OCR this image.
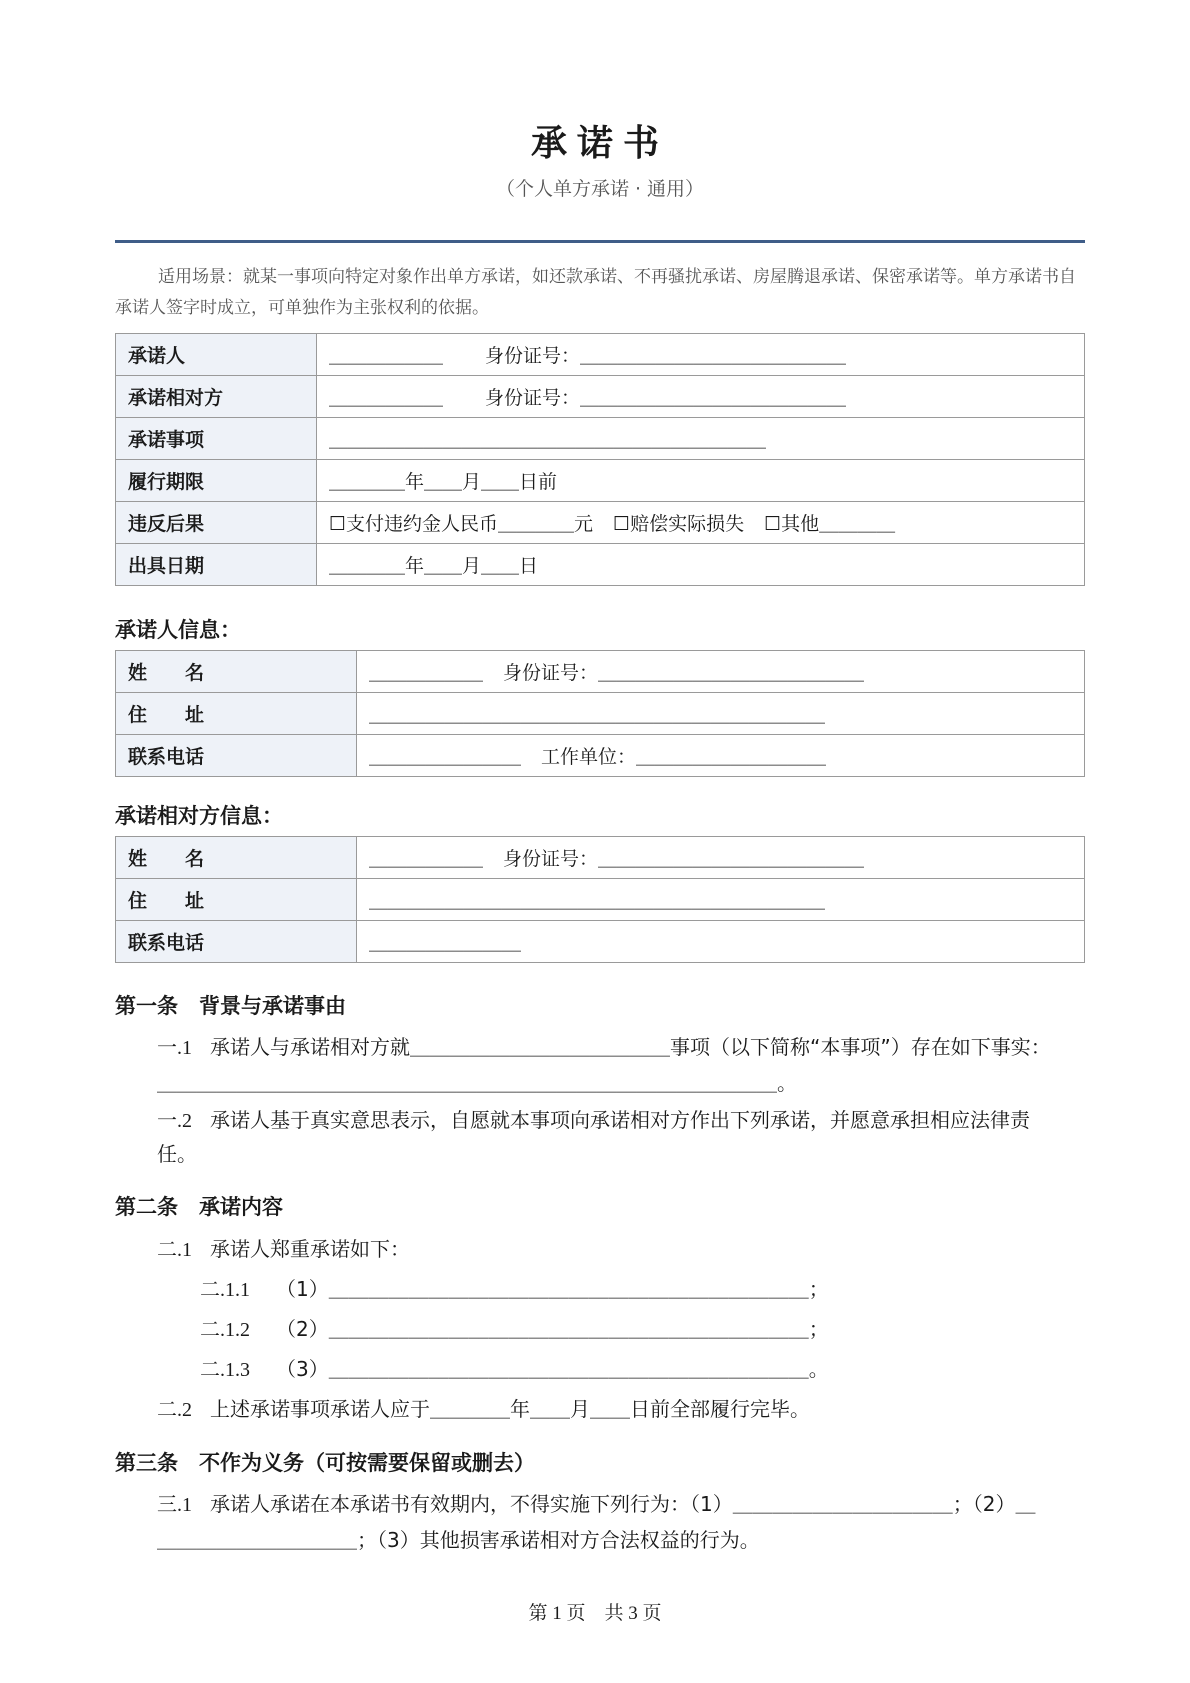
承诺书
（个人单方承诺 · 通用）
适用场景：就某一事项向特定对象作出单方承诺，如还款承诺、不再骚扰承诺、房屋腾退承诺、保密承诺等。单方承诺书自承诺人签字时成立，可单独作为主张权利的依据。
承诺人	＿＿＿＿＿＿ 身份证号：＿＿＿＿＿＿＿＿＿＿＿＿＿＿
承诺相对方	＿＿＿＿＿＿ 身份证号：＿＿＿＿＿＿＿＿＿＿＿＿＿＿
承诺事项	＿＿＿＿＿＿＿＿＿＿＿＿＿＿＿＿＿＿＿＿＿＿＿
履行期限	＿＿＿＿年＿＿月＿＿日前
违反后果	☐支付违约金人民币＿＿＿＿元 ☐赔偿实际损失 ☐其他＿＿＿＿
出具日期	＿＿＿＿年＿＿月＿＿日
承诺人信息：
姓　　名	＿＿＿＿＿＿ 身份证号：＿＿＿＿＿＿＿＿＿＿＿＿＿＿
住　　址	＿＿＿＿＿＿＿＿＿＿＿＿＿＿＿＿＿＿＿＿＿＿＿＿
联系电话	＿＿＿＿＿＿＿＿ 工作单位：＿＿＿＿＿＿＿＿＿＿
承诺相对方信息：
姓　　名	＿＿＿＿＿＿ 身份证号：＿＿＿＿＿＿＿＿＿＿＿＿＿＿
住　　址	＿＿＿＿＿＿＿＿＿＿＿＿＿＿＿＿＿＿＿＿＿＿＿＿
联系电话	＿＿＿＿＿＿＿＿
第一条　背景与承诺事由
一.1 承诺人与承诺相对方就＿＿＿＿＿＿＿＿＿＿＿＿＿事项（以下简称“本事项”）存在如下事实：
＿＿＿＿＿＿＿＿＿＿＿＿＿＿＿＿＿＿＿＿＿＿＿＿＿＿＿＿＿＿＿。
一.2 承诺人基于真实意思表示，自愿就本事项向承诺相对方作出下列承诺，并愿意承担相应法律责
任。
第二条　承诺内容
二.1 承诺人郑重承诺如下：
二.1.1 （1）＿＿＿＿＿＿＿＿＿＿＿＿＿＿＿＿＿＿＿＿＿＿＿＿；
二.1.2 （2）＿＿＿＿＿＿＿＿＿＿＿＿＿＿＿＿＿＿＿＿＿＿＿＿；
二.1.3 （3）＿＿＿＿＿＿＿＿＿＿＿＿＿＿＿＿＿＿＿＿＿＿＿＿。
二.2 上述承诺事项承诺人应于＿＿＿＿年＿＿月＿＿日前全部履行完毕。
第三条　不作为义务（可按需要保留或删去）
三.1 承诺人承诺在本承诺书有效期内，不得实施下列行为：（1）＿＿＿＿＿＿＿＿＿＿＿；（2）＿
＿＿＿＿＿＿＿＿＿＿；（3）其他损害承诺相对方合法权益的行为。
第 1 页　共 3 页
